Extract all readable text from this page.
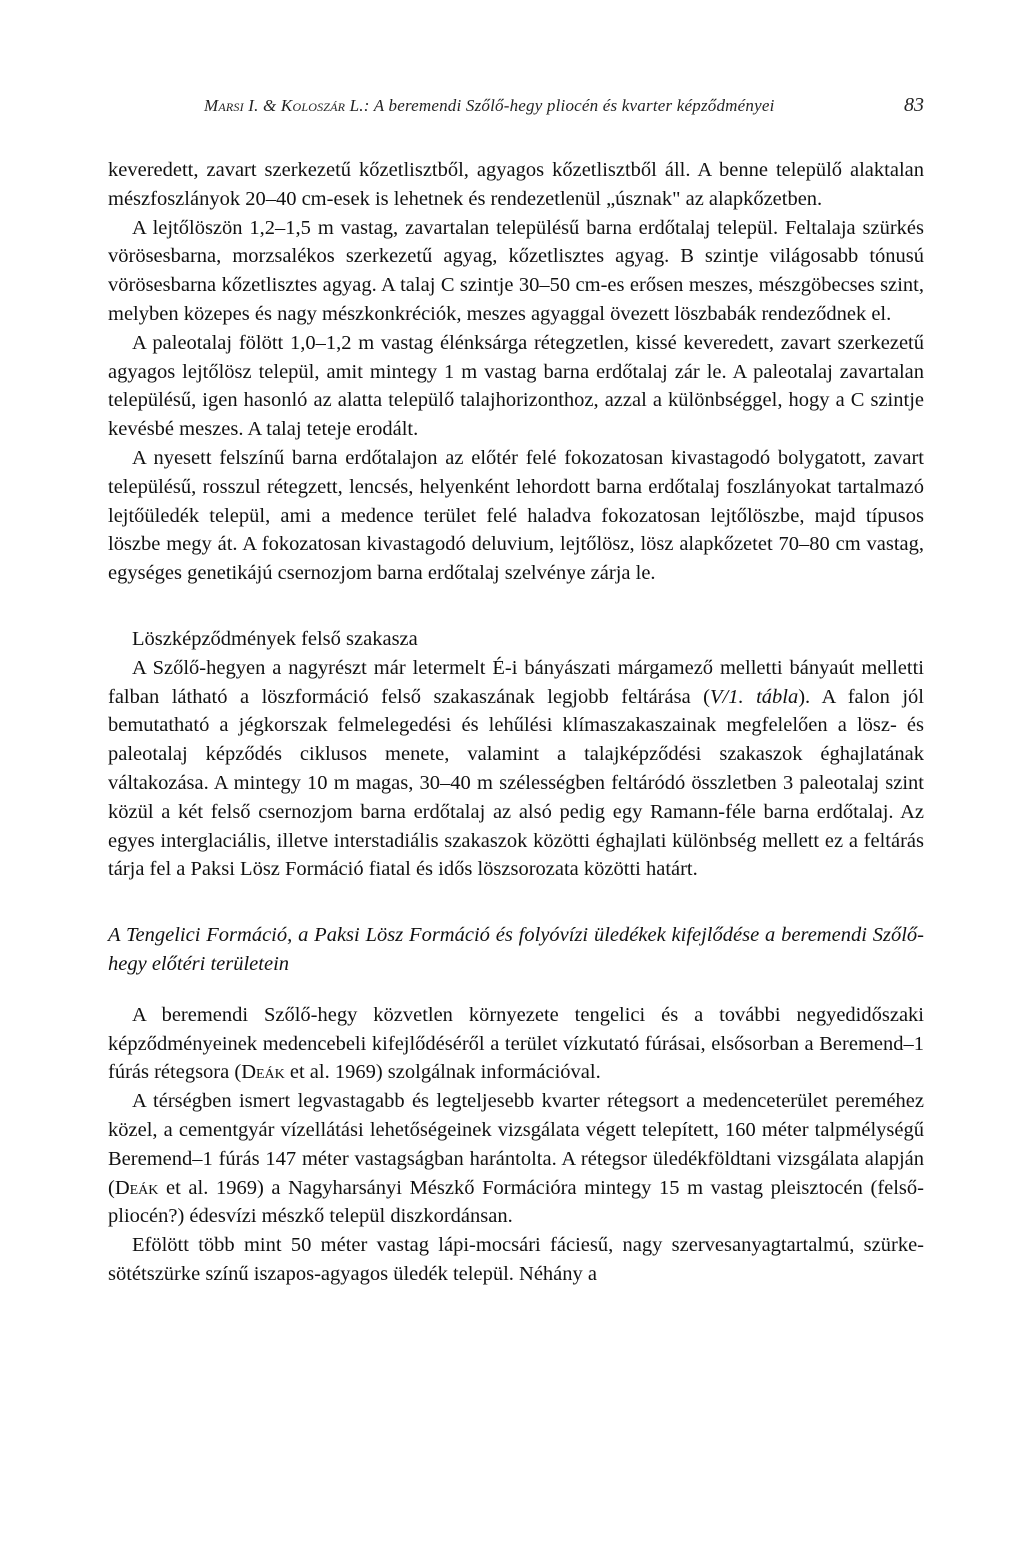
Marsi I. & Koloszár L.: A beremendi Szőlő-hegy pliocén és kvarter képződményei	83

keveredett, zavart szerkezetű kőzetlisztből, agyagos kőzetlisztből áll. A benne települő alaktalan mészfoszlányok 20–40 cm-esek is lehetnek és rendezetlenül „úsznak" az alapkőzetben.

A lejtőlöszön 1,2–1,5 m vastag, zavartalan településű barna erdőtalaj települ. Feltalaja szürkés vörösesbarna, morzsalékos szerkezetű agyag, kőzetlisztes agyag. B szintje világosabb tónusú vörösesbarna kőzetlisztes agyag. A talaj C szintje 30–50 cm-es erősen meszes, mészgöbecses szint, melyben közepes és nagy mészkonkréciók, meszes agyaggal övezett löszbabák rendeződnek el.

A paleotalaj fölött 1,0–1,2 m vastag élénksárga rétegzetlen, kissé keveredett, zavart szerkezetű agyagos lejtőlösz települ, amit mintegy 1 m vastag barna erdőtalaj zár le. A paleotalaj zavartalan településű, igen hasonló az alatta települő talajhorizonthoz, azzal a különbséggel, hogy a C szintje kevésbé meszes. A talaj teteje erodált.

A nyesett felszínű barna erdőtalajon az előtér felé fokozatosan kivastagodó bolygatott, zavart településű, rosszul rétegzett, lencsés, helyenként lehordott barna erdőtalaj foszlányokat tartalmazó lejtőüledék települ, ami a medence terület felé haladva fokozatosan lejtőlöszbe, majd típusos löszbe megy át. A fokozatosan kivastagodó deluvium, lejtőlösz, lösz alapkőzetet 70–80 cm vastag, egységes genetikájú csernozjom barna erdőtalaj szelvénye zárja le.

Löszképződmények felső szakasza

A Szőlő-hegyen a nagyrészt már letermelt É-i bányászati márgamező melletti bányaút melletti falban látható a löszformáció felső szakaszának legjobb feltárása (V/1. tábla). A falon jól bemutatható a jégkorszak felmelegedési és lehűlési klímaszakaszainak megfelelően a lösz- és paleotalaj képződés ciklusos menete, valamint a talajképződési szakaszok éghajlatának váltakozása. A mintegy 10 m magas, 30–40 m szélességben feltáródó összletben 3 paleotalaj szint közül a két felső csernozjom barna erdőtalaj az alsó pedig egy Ramann-féle barna erdőtalaj. Az egyes interglaciális, illetve interstadiális szakaszok közötti éghajlati különbség mellett ez a feltárás tárja fel a Paksi Lösz Formáció fiatal és idős löszsorozata közötti határt.

A Tengelici Formáció, a Paksi Lösz Formáció és folyóvízi üledékek kifejlődése a beremendi Szőlő-hegy előtéri területein

A beremendi Szőlő-hegy közvetlen környezete tengelici és a további negyedidőszaki képződményeinek medencebeli kifejlődéséről a terület vízkutató fúrásai, elsősorban a Beremend–1 fúrás rétegsora (Deák et al. 1969) szolgálnak információval.

A térségben ismert legvastagabb és legteljesebb kvarter rétegsort a medenceterület pereméhez közel, a cementgyár vízellátási lehetőségeinek vizsgálata végett telepített, 160 méter talpmélységű Beremend–1 fúrás 147 méter vastagságban harántolta. A rétegsor üledékföldtani vizsgálata alapján (Deák et al. 1969) a Nagyharsányi Mészkő Formációra mintegy 15 m vastag pleisztocén (felsőpliocén?) édesvízi mészkő települ diszkordánsan.

Efölött több mint 50 méter vastag lápi-mocsári fáciesű, nagy szervesanyagtartalmú, szürke-sötétszürke színű iszapos-agyagos üledék települ. Néhány a
